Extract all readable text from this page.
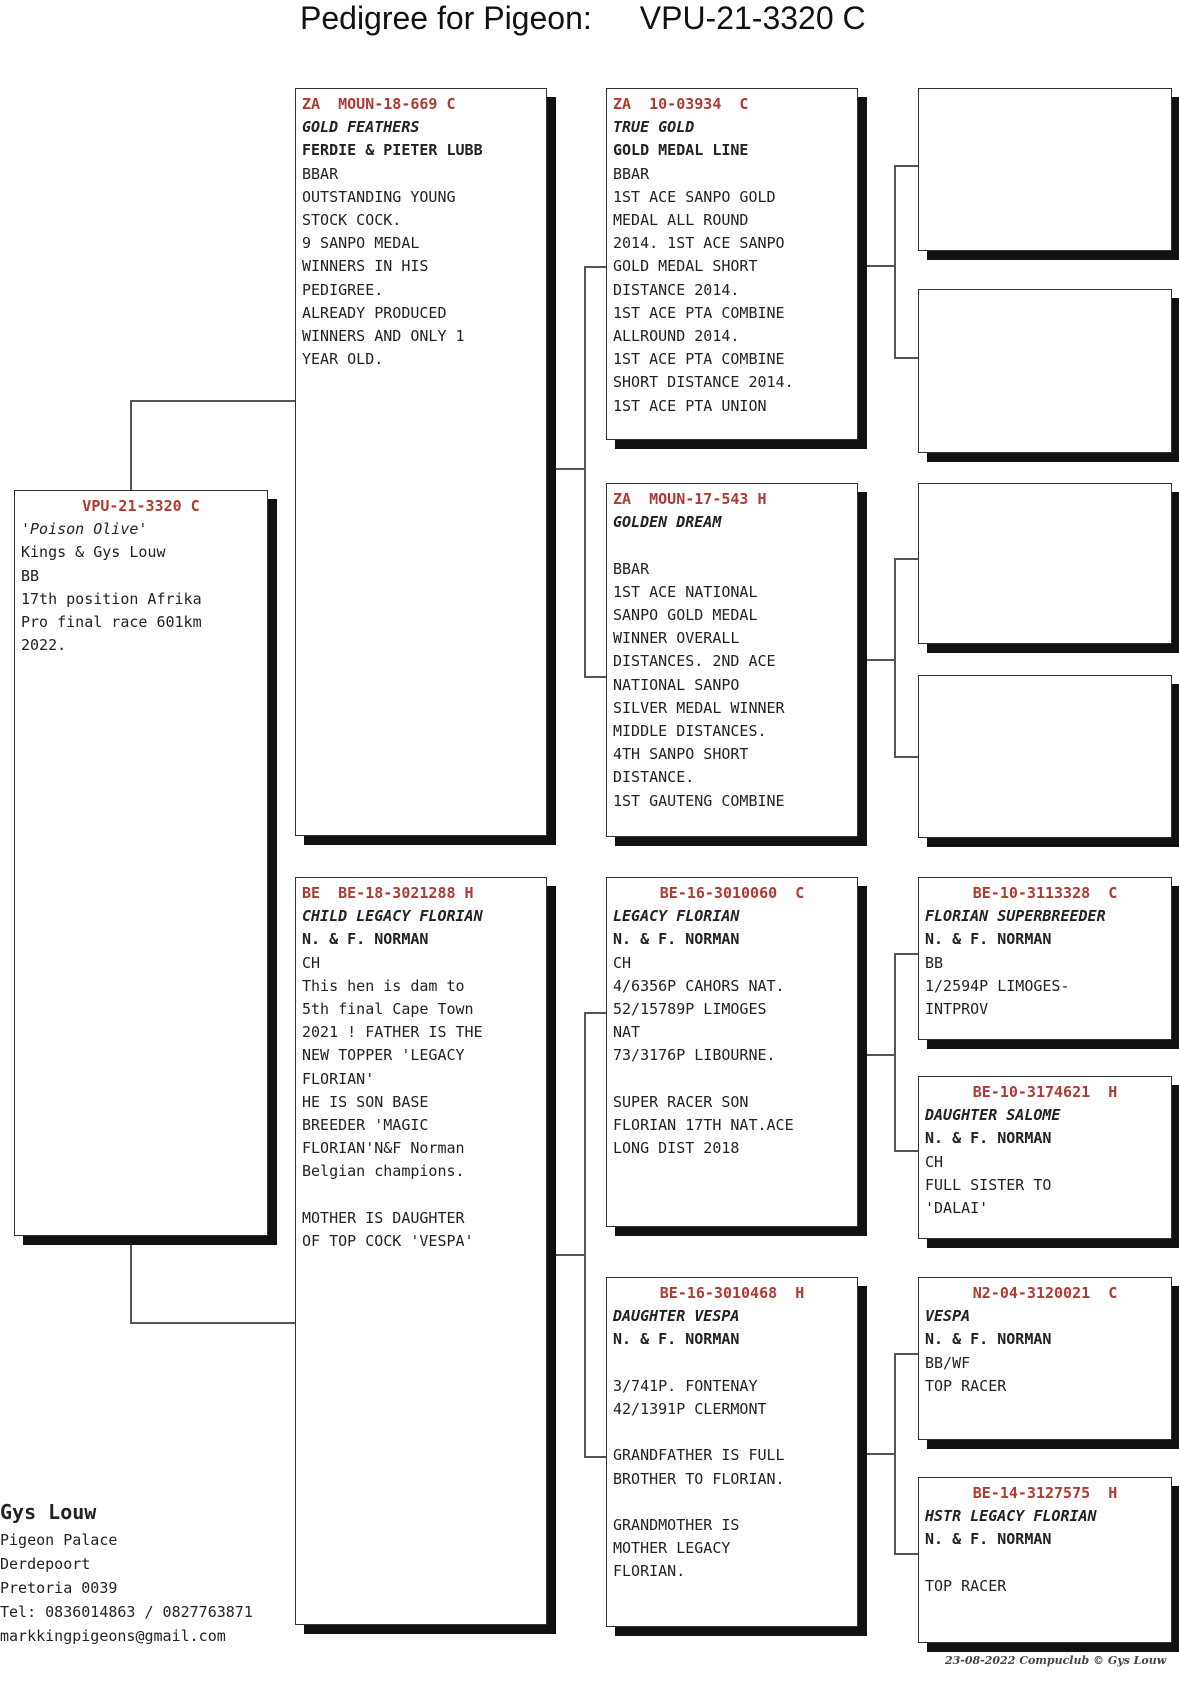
Pedigree for Pigeon: VPU-21-3320 C
VPU-21-3320 C
'Poison Olive'
Kings & Gys Louw
BB
17th position Afrika
Pro final race 601km
2022.
ZA  MOUN-18-669 C
GOLD FEATHERS
FERDIE & PIETER LUBB
BBAR
OUTSTANDING YOUNG
STOCK COCK.
9 SANPO MEDAL
WINNERS IN HIS
PEDIGREE.
ALREADY PRODUCED
WINNERS AND ONLY 1
YEAR OLD.
BE  BE-18-3021288 H
CHILD LEGACY FLORIAN
N. & F. NORMAN
CH
This hen is dam to
5th final Cape Town
2021 ! FATHER IS THE
NEW TOPPER 'LEGACY
FLORIAN'
HE IS SON BASE
BREEDER 'MAGIC
FLORIAN'N&F Norman
Belgian champions.
MOTHER IS DAUGHTER
OF TOP COCK 'VESPA'
ZA  10-03934  C
TRUE GOLD
GOLD MEDAL LINE
BBAR
1ST ACE SANPO GOLD
MEDAL ALL ROUND
2014. 1ST ACE SANPO
GOLD MEDAL SHORT
DISTANCE 2014.
1ST ACE PTA COMBINE
ALLROUND 2014.
1ST ACE PTA COMBINE
SHORT DISTANCE 2014.
1ST ACE PTA UNION
ZA  MOUN-17-543 H
GOLDEN DREAM
BBAR
1ST ACE NATIONAL
SANPO GOLD MEDAL
WINNER OVERALL
DISTANCES. 2ND ACE
NATIONAL SANPO
SILVER MEDAL WINNER
MIDDLE DISTANCES.
4TH SANPO SHORT
DISTANCE.
1ST GAUTENG COMBINE
BE-16-3010060  C
LEGACY FLORIAN
N. & F. NORMAN
CH
4/6356P CAHORS NAT.
52/15789P LIMOGES
NAT
73/3176P LIBOURNE.
SUPER RACER SON
FLORIAN 17TH NAT.ACE
LONG DIST 2018
BE-16-3010468  H
DAUGHTER VESPA
N. & F. NORMAN
3/741P. FONTENAY
42/1391P CLERMONT
GRANDFATHER IS FULL
BROTHER TO FLORIAN.
GRANDMOTHER IS
MOTHER LEGACY
FLORIAN.
BE-10-3113328  C
FLORIAN SUPERBREEDER
N. & F. NORMAN
BB
1/2594P LIMOGES-
INTPROV
BE-10-3174621  H
DAUGHTER SALOME
N. & F. NORMAN
CH
FULL SISTER TO
'DALAI'
N2-04-3120021  C
VESPA
N. & F. NORMAN
BB/WF
TOP RACER
BE-14-3127575  H
HSTR LEGACY FLORIAN
N. & F. NORMAN
TOP RACER
Gys Louw
Pigeon Palace
Derdepoort
Pretoria 0039
Tel: 0836014863 / 0827763871
markkingpigeons@gmail.com
23-08-2022 Compuclub © Gys Louw
